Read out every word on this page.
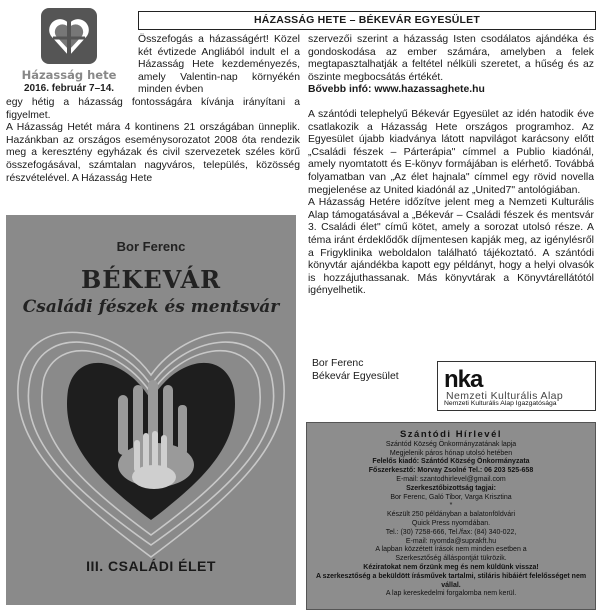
Házasság hete
2016. február 7–14.
HÁZASSÁG HETE – BÉKEVÁR EGYESÜLET

Összefogás a házasságért! Közel két évtizede Angliából indult el a Házasság Hete kezdeményezés, amely Valentin-nap környékén minden évben

egy hétig a házasság fontosságára kívánja irányítani a figyelmet.

A Házasság Hetét mára 4 kontinens 21 országában ünneplik. Hazánkban az országos eseménysorozatot 2008 óta rendezik meg a keresztény egyházak és civil szervezetek széles körű összefogásával, számtalan nagyváros, település, közösség részvételével. A Házasság Hete

szervezői szerint a házasság Isten csodálatos ajándéka és gondoskodása az ember számára, amelyben a felek megtapasztalhatják a feltétel nélküli szeretet, a hűség és az öszinte megbocsátás értékét.

Bővebb infó: www.hazassaghete.hu

A szántódi telephelyű Békevár Egyesület az idén hatodik éve csatlakozik a Házasság Hete országos programhoz. Az Egyesület újabb kiadványa látott napvilágot karácsony előtt „Családi fészek – Párterápia" címmel a Publio kiadónál, amely nyomtatott és E-könyv formájában is elérhető. Továbbá folyamatban van „Az élet hajnala" címmel egy rövid novella megjelenése az United kiadónál az „United7" antológiában.

A Házasság Hetére időzítve jelent meg a Nemzeti Kulturális Alap támogatásával a „Békevár – Családi fészek és mentsvár 3. Családi élet" című kötet, amely a sorozat utolsó része. A téma iránt érdeklődők díjmentesen kapják meg, az igénylésről a Frigyklinika weboldalon található tájékoztató. A szántódi könyvtár ajándékba kapott egy példányt, hogy a helyi olvasók is hozzájuthassanak. Más könyvtárak a Könyvtárellátótól igényelhetik.

Bor Ferenc
BÉKEVÁR
Családi fészek és mentsvár
III. CSALÁDI ÉLET
Bor Ferenc
Békevár Egyesület nka
Nemzeti Kulturális Alap
Nemzeti Kulturális Alap Igazgatósága
Szántódi Hírlevél
Szántód Község Önkormányzatának lapja
Megjelenik páros hónap utolsó hetében
Felelős kiadó: Szántód Község Önkormányzata
Főszerkesztő: Morvay Zsolné Tel.: 06 203 525-658
E-mail: szantodhirlevel@gmail.com
Szerkesztőbizottság tagjai:
Bor Ferenc, Galó Tibor, Varga Krisztina
*
Készült 250 példányban a balatonföldvári
Quick Press nyomdában.
Tel.: (30) 7258-666, Tel./fax: (84) 340-022,
E-mail: nyomda@suprakft.hu
A lapban közzétett írások nem minden esetben a
Szerkesztőség álláspontját tükrözik.
Kéziratokat nem őrzünk meg és nem küldünk vissza!
A szerkesztőség a beküldött írásművek tartalmi, stiláris hibáiért felelősséget nem vállal.
A lap kereskedelmi forgalomba nem kerül.
